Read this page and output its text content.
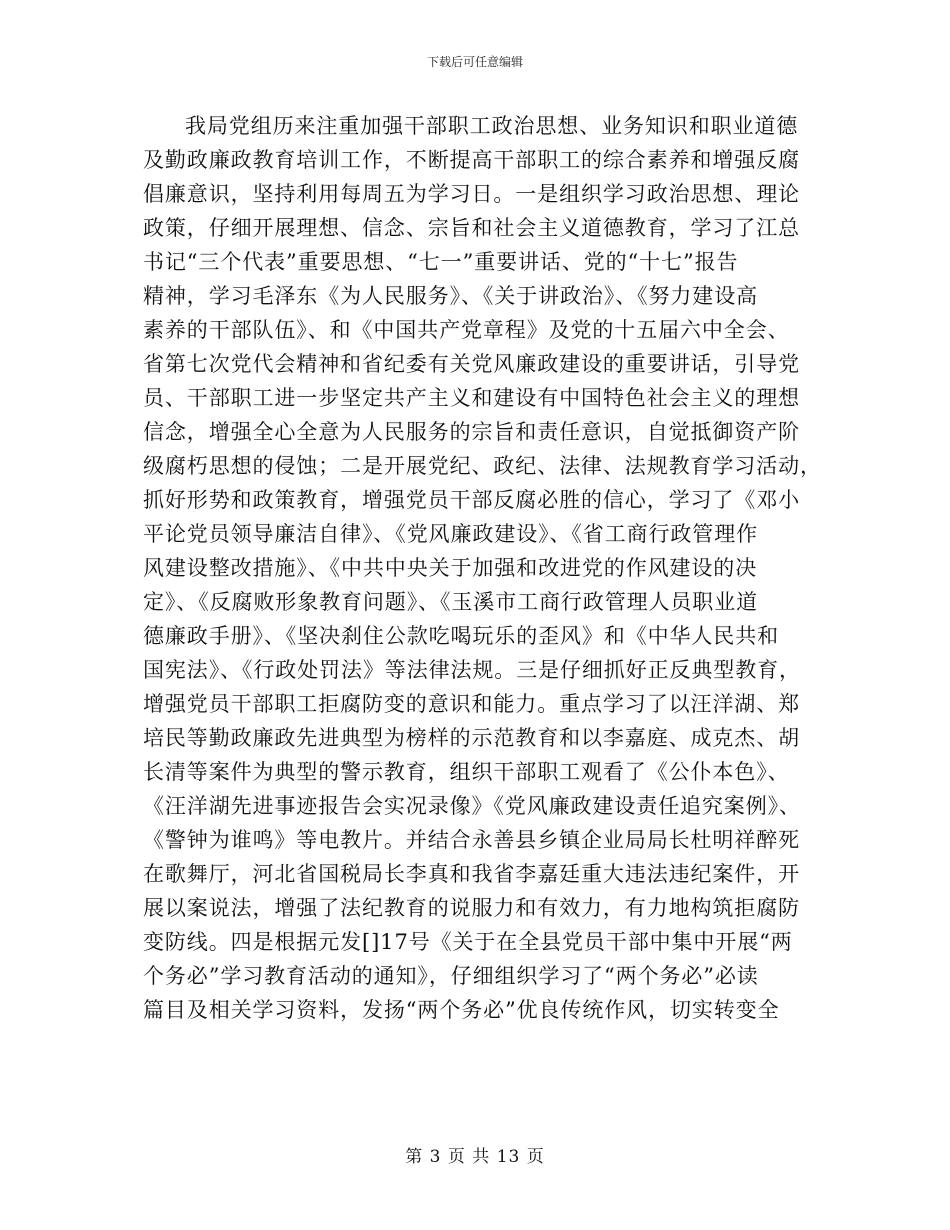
下载后可任意编辑
我局党组历来注重加强干部职工政治思想、业务知识和职业道德
及勤政廉政教育培训工作，不断提高干部职工的综合素养和增强反腐
倡廉意识，坚持利用每周五为学习日。一是组织学习政治思想、理论
政策，仔细开展理想、信念、宗旨和社会主义道德教育，学习了江总
书记“三个代表”重要思想、“七一”重要讲话、党的“十七”报告
精神，学习毛泽东《为人民服务》、《关于讲政治》、《努力建设高
素养的干部队伍》、和《中国共产党章程》及党的十五届六中全会、
省第七次党代会精神和省纪委有关党风廉政建设的重要讲话，引导党
员、干部职工进一步坚定共产主义和建设有中国特色社会主义的理想
信念，增强全心全意为人民服务的宗旨和责任意识，自觉抵御资产阶
级腐朽思想的侵蚀；二是开展党纪、政纪、法律、法规教育学习活动，
抓好形势和政策教育，增强党员干部反腐必胜的信心，学习了《邓小
平论党员领导廉洁自律》、《党风廉政建设》、《省工商行政管理作
风建设整改措施》、《中共中央关于加强和改进党的作风建设的决
定》、《反腐败形象教育问题》、《玉溪市工商行政管理人员职业道
德廉政手册》、《坚决刹住公款吃喝玩乐的歪风》和《中华人民共和
国宪法》、《行政处罚法》等法律法规。三是仔细抓好正反典型教育，
增强党员干部职工拒腐防变的意识和能力。重点学习了以汪洋湖、郑
培民等勤政廉政先进典型为榜样的示范教育和以李嘉庭、成克杰、胡
长清等案件为典型的警示教育，组织干部职工观看了《公仆本色》、
《汪洋湖先进事迹报告会实况录像》《党风廉政建设责任追究案例》、
《警钟为谁鸣》等电教片。并结合永善县乡镇企业局局长杜明祥醉死
在歌舞厅，河北省国税局长李真和我省李嘉廷重大违法违纪案件，开
展以案说法，增强了法纪教育的说服力和有效力，有力地构筑拒腐防
变防线。四是根据元发[]17号《关于在全县党员干部中集中开展“两
个务必”学习教育活动的通知》，仔细组织学习了“两个务必”必读
篇目及相关学习资料，发扬“两个务必”优良传统作风，切实转变全
第 3 页 共 13 页
